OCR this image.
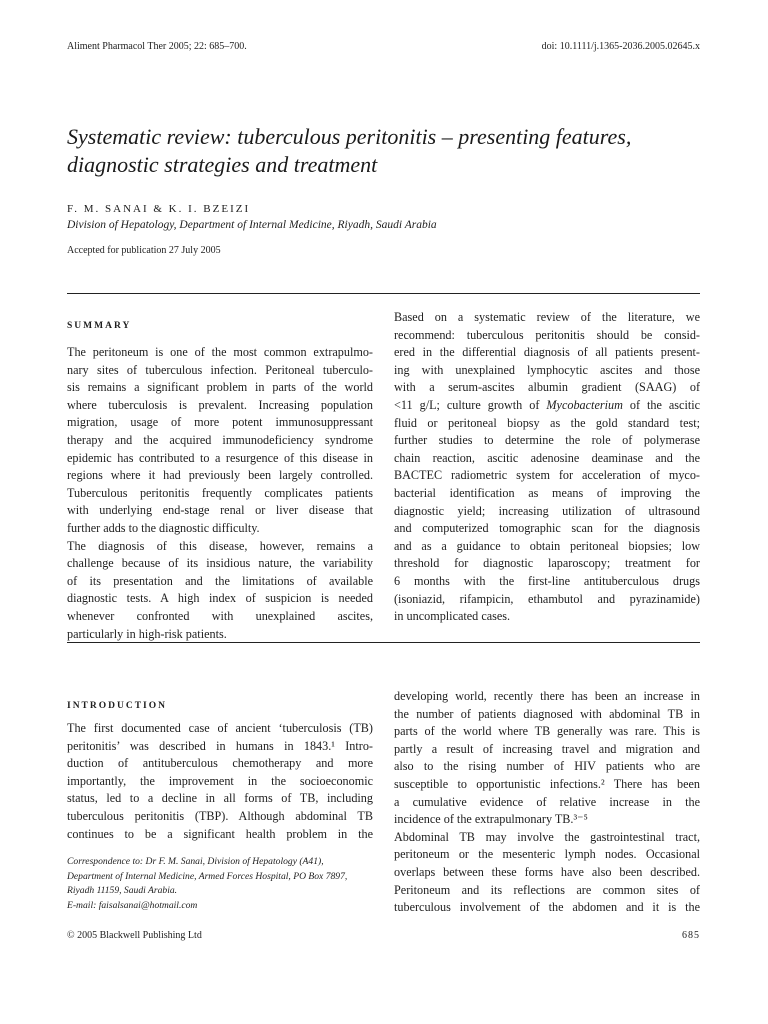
Aliment Pharmacol Ther 2005; 22: 685–700.	doi: 10.1111/j.1365-2036.2005.02645.x
Systematic review: tuberculous peritonitis – presenting features,
diagnostic strategies and treatment
F. M. SANAI & K. I. BZEIZI
Division of Hepatology, Department of Internal Medicine, Riyadh, Saudi Arabia
Accepted for publication 27 July 2005
SUMMARY
The peritoneum is one of the most common extrapulmo-
nary sites of tuberculous infection. Peritoneal tuberculo-
sis remains a significant problem in parts of the world
where tuberculosis is prevalent. Increasing population
migration, usage of more potent immunosuppressant
therapy and the acquired immunodeficiency syndrome
epidemic has contributed to a resurgence of this disease in
regions where it had previously been largely controlled.
Tuberculous peritonitis frequently complicates patients
with underlying end-stage renal or liver disease that
further adds to the diagnostic difficulty.
The diagnosis of this disease, however, remains a
challenge because of its insidious nature, the variability
of its presentation and the limitations of available
diagnostic tests. A high index of suspicion is needed
whenever confronted with unexplained ascites,
particularly in high-risk patients.
Based on a systematic review of the literature, we
recommend: tuberculous peritonitis should be consid-
ered in the differential diagnosis of all patients present-
ing with unexplained lymphocytic ascites and those
with a serum-ascites albumin gradient (SAAG) of
<11 g/L; culture growth of Mycobacterium of the ascitic
fluid or peritoneal biopsy as the gold standard test;
further studies to determine the role of polymerase
chain reaction, ascitic adenosine deaminase and the
BACTEC radiometric system for acceleration of myco-
bacterial identification as means of improving the
diagnostic yield; increasing utilization of ultrasound
and computerized tomographic scan for the diagnosis
and as a guidance to obtain peritoneal biopsies; low
threshold for diagnostic laparoscopy; treatment for
6 months with the first-line antituberculous drugs
(isoniazid, rifampicin, ethambutol and pyrazinamide)
in uncomplicated cases.
INTRODUCTION
The first documented case of ancient ‘tuberculosis (TB)
peritonitis’ was described in humans in 1843.¹ Intro-
duction of antituberculous chemotherapy and more
importantly, the improvement in the socioeconomic
status, led to a decline in all forms of TB, including
tuberculous peritonitis (TBP). Although abdominal TB
continues to be a significant health problem in the
developing world, recently there has been an increase in
the number of patients diagnosed with abdominal TB in
parts of the world where TB generally was rare. This is
partly a result of increasing travel and migration and
also to the rising number of HIV patients who are
susceptible to opportunistic infections.² There has been
a cumulative evidence of relative increase in the
incidence of the extrapulmonary TB.³⁻⁵
Abdominal TB may involve the gastrointestinal tract,
peritoneum or the mesenteric lymph nodes. Occasional
overlaps between these forms have also been described.
Peritoneum and its reflections are common sites of
tuberculous involvement of the abdomen and it is the
Correspondence to: Dr F. M. Sanai, Division of Hepatology (A41),
Department of Internal Medicine, Armed Forces Hospital, PO Box 7897,
Riyadh 11159, Saudi Arabia.
E-mail: faisalsanai@hotmail.com
© 2005 Blackwell Publishing Ltd	685
